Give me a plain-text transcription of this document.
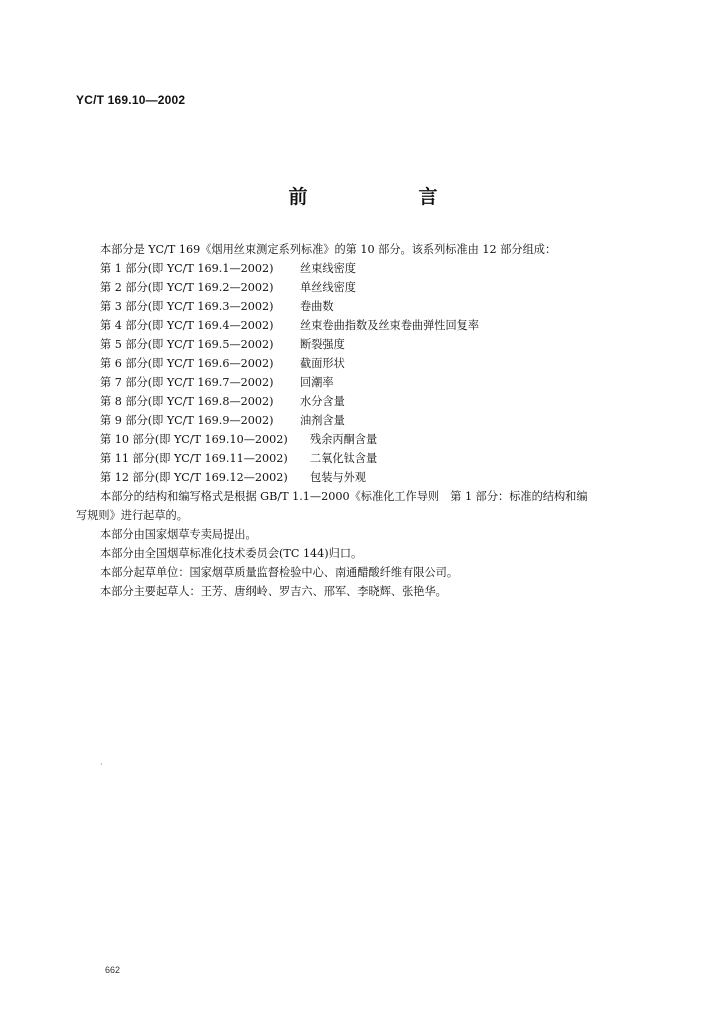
YC/T 169.10—2002
前　言
本部分是 YC/T 169《烟用丝束测定系列标准》的第 10 部分。该系列标准由 12 部分组成：
第 1 部分(即 YC/T 169.1—2002)	丝束线密度
第 2 部分(即 YC/T 169.2—2002)	单丝线密度
第 3 部分(即 YC/T 169.3—2002)	卷曲数
第 4 部分(即 YC/T 169.4—2002)	丝束卷曲指数及丝束卷曲弹性回复率
第 5 部分(即 YC/T 169.5—2002)	断裂强度
第 6 部分(即 YC/T 169.6—2002)	截面形状
第 7 部分(即 YC/T 169.7—2002)	回潮率
第 8 部分(即 YC/T 169.8—2002)	水分含量
第 9 部分(即 YC/T 169.9—2002)	油剂含量
第 10 部分(即 YC/T 169.10—2002)	残余丙酮含量
第 11 部分(即 YC/T 169.11—2002)	二氧化钛含量
第 12 部分(即 YC/T 169.12—2002)	包装与外观
本部分的结构和编写格式是根据 GB/T 1.1—2000《标准化工作导则　第 1 部分：标准的结构和编
写规则》进行起草的。
本部分由国家烟草专卖局提出。
本部分由全国烟草标准化技术委员会(TC 144)归口。
本部分起草单位：国家烟草质量监督检验中心、南通醋酸纤维有限公司。
本部分主要起草人：王芳、唐纲岭、罗吉六、邢军、李晓辉、张艳华。
·
662
